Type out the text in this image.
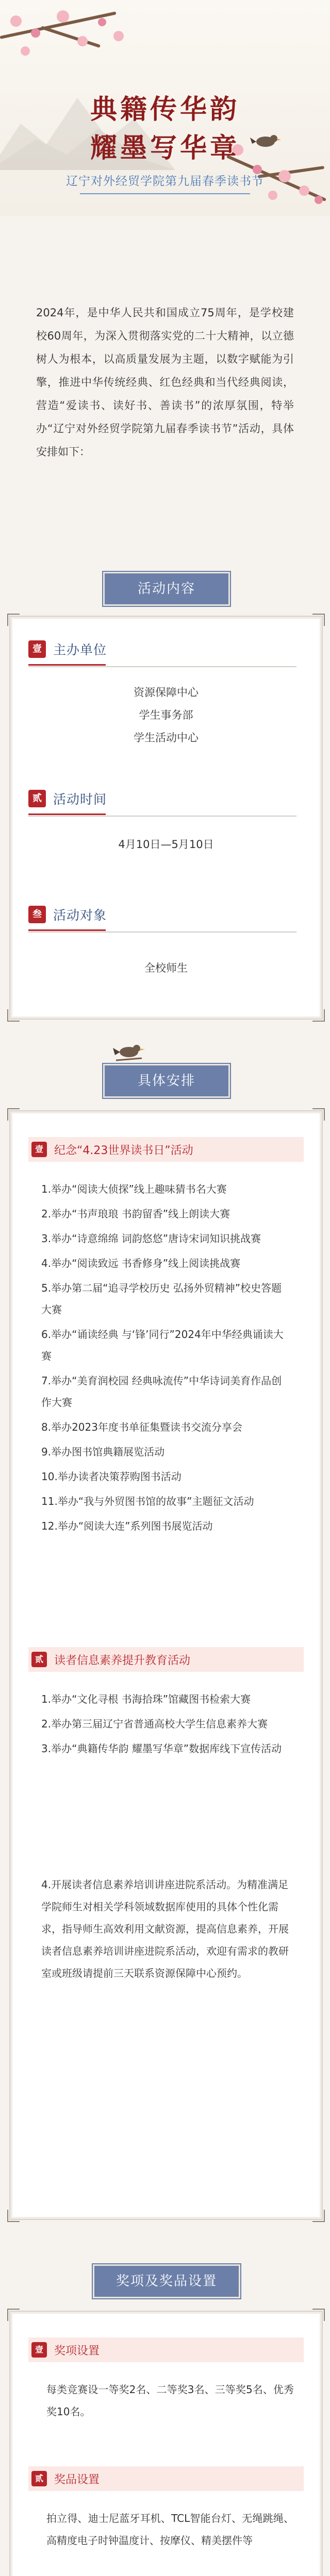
典籍传华韵
耀墨写华章
辽宁对外经贸学院第九届春季读书节
2024年，是中华人民共和国成立75周年，是学校建校60周年，为深入贯彻落实党的二十大精神，以立德树人为根本，以高质量发展为主题，以数字赋能为引擎，推进中华传统经典、红色经典和当代经典阅读，营造“爱读书、读好书、善读书”的浓厚氛围，特举办“辽宁对外经贸学院第九届春季读书节”活动，具体安排如下：
活动内容
壹 主办单位
资源保障中心
学生事务部
学生活动中心
贰 活动时间
4月10日—5月10日
叁 活动对象
全校师生
具体安排
壹 纪念“4.23世界读书日”活动

1.举办“阅读大侦探”线上趣味猜书名大赛

2.举办“书声琅琅 书韵留香”线上朗读大赛

3.举办“诗意绵绵 词韵悠悠”唐诗宋词知识挑战赛

4.举办“阅读致远 书香修身”线上阅读挑战赛

5.举办第二届“追寻学校历史 弘扬外贸精神”校史答题大赛

6.举办“诵读经典 与‘锋’同行”2024年中华经典诵读大赛

7.举办“美育润校园 经典咏流传”中华诗词美育作品创作大赛

8.举办2023年度书单征集暨读书交流分享会

9.举办图书馆典籍展览活动

10.举办读者决策荐购图书活动

11.举办“我与外贸图书馆的故事”主题征文活动

12.举办“阅读大连”系列图书展览活动

贰 读者信息素养提升教育活动

1.举办“文化寻根 书海拾珠”馆藏图书检索大赛

2.举办第三届辽宁省普通高校大学生信息素养大赛

3.举办“典籍传华韵 耀墨写华章”数据库线下宣传活动

4.开展读者信息素养培训讲座进院系活动。为精准满足学院师生对相关学科领域数据库使用的具体个性化需求，指导师生高效利用文献资源，提高信息素养，开展读者信息素养培训讲座进院系活动，欢迎有需求的教研室或班级请提前三天联系资源保障中心预约。
奖项及奖品设置
壹 奖项设置
每类竞赛设一等奖2名、二等奖3名、三等奖5名、优秀奖10名。
贰 奖品设置
拍立得、迪士尼蓝牙耳机、TCL智能台灯、无绳跳绳、高精度电子时钟温度计、按摩仪、精美摆件等
